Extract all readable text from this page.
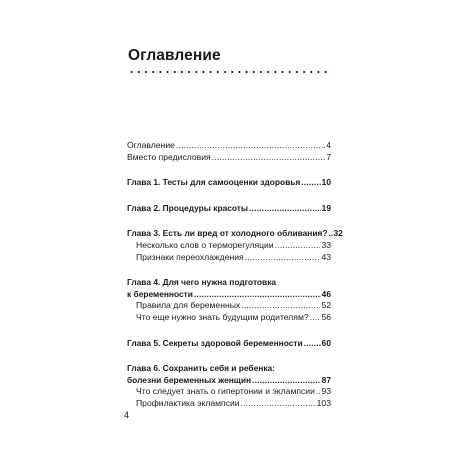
Оглавление
Оглавление .....	4
Вместо предисловия .....	7
Глава 1. Тесты для самооценки здоровья .....	10
Глава 2. Процедуры красоты .....	19
Глава 3. Есть ли вред от холодного обливания? ..... 32
Несколько слов о терморегуляции .....	33
Признаки переохлаждения .....	43
Глава 4. Для чего нужна подготовка
к беременности .....	46
Правила для беременных .....	52
Что еще нужно знать будущим родителям? ..... 56
Глава 5. Секреты здоровой беременности ..... 60
Глава 6. Сохранить себя и ребенка:
болезни беременных женщин .....	87
Что следует знать о гипертонии и эклампсии ..... 93
Профилактика эклампсии .....	103
4
